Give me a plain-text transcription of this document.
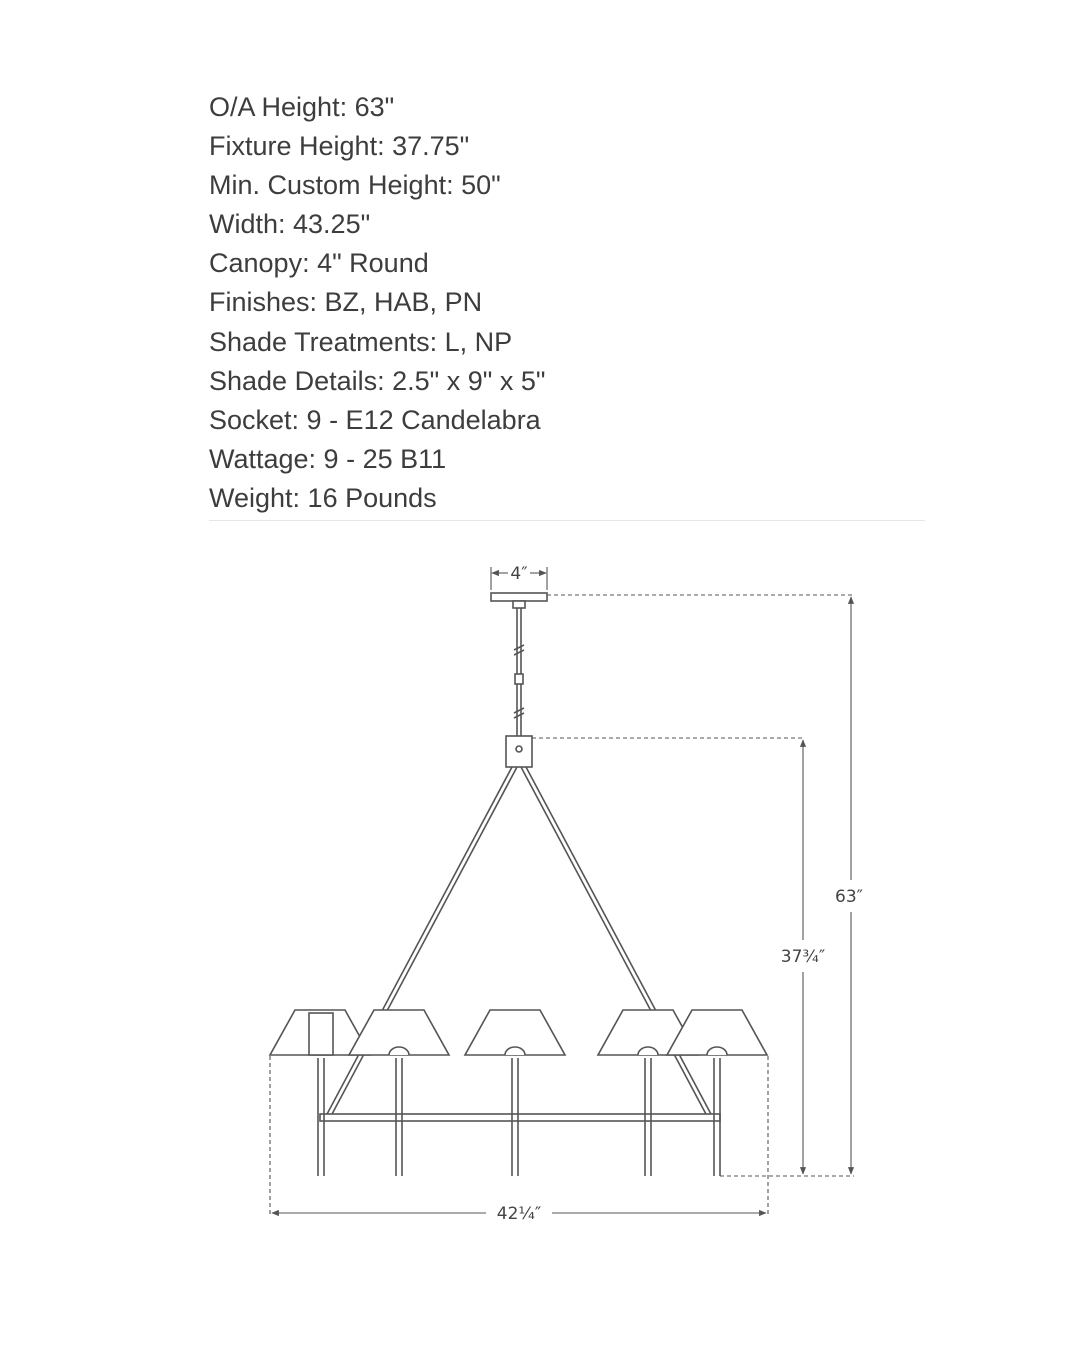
O/A Height: 63"
Fixture Height: 37.75"
Min. Custom Height: 50"
Width: 43.25"
Canopy: 4" Round
Finishes: BZ, HAB, PN
Shade Treatments: L, NP
Shade Details: 2.5" x 9" x 5"
Socket: 9 - E12 Candelabra
Wattage: 9 - 25 B11
Weight: 16 Pounds
4″
63″
37¾″
42¼″
